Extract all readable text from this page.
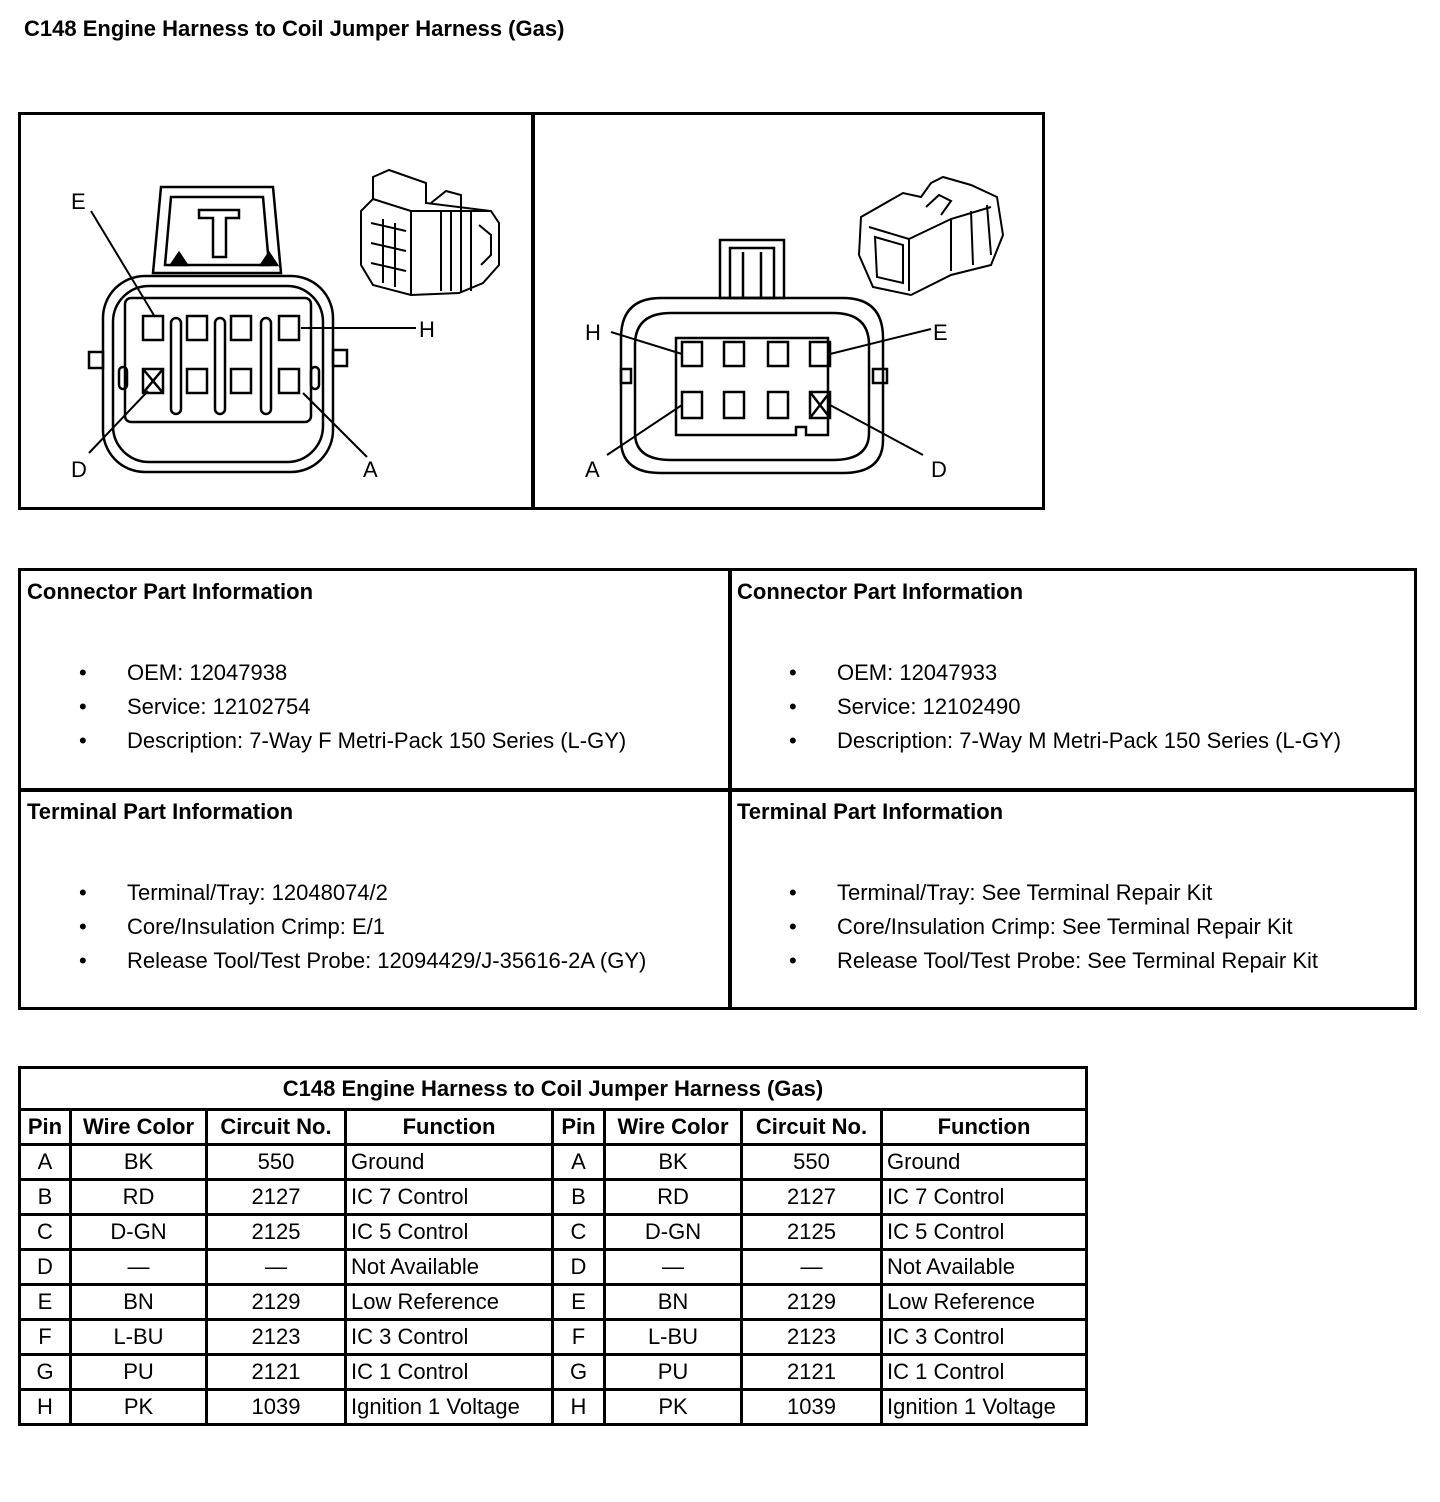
C148 Engine Harness to Coil Jumper Harness (Gas)
E
H
D	A
H	E
A	D
Connector Part Information
• OEM: 12047938
• Service: 12102754
• Description: 7-Way F Metri-Pack 150 Series (L-GY)
Connector Part Information
• OEM: 12047933
• Service: 12102490
• Description: 7-Way M Metri-Pack 150 Series (L-GY)
Terminal Part Information
• Terminal/Tray: 12048074/2
• Core/Insulation Crimp: E/1
• Release Tool/Test Probe: 12094429/J-35616-2A (GY)
Terminal Part Information
• Terminal/Tray: See Terminal Repair Kit
• Core/Insulation Crimp: See Terminal Repair Kit
• Release Tool/Test Probe: See Terminal Repair Kit
C148 Engine Harness to Coil Jumper Harness (Gas)							
Pin	Wire Color	Circuit No.	Function	Pin	Wire Color	Circuit No.	Function
A	BK	550	Ground	A	BK	550	Ground
B	RD	2127	IC 7 Control	B	RD	2127	IC 7 Control
C	D-GN	2125	IC 5 Control	C	D-GN	2125	IC 5 Control
D	—	—	Not Available	D	—	—	Not Available
E	BN	2129	Low Reference	E	BN	2129	Low Reference
F	L-BU	2123	IC 3 Control	F	L-BU	2123	IC 3 Control
G	PU	2121	IC 1 Control	G	PU	2121	IC 1 Control
H	PK	1039	Ignition 1 Voltage	H	PK	1039	Ignition 1 Voltage
